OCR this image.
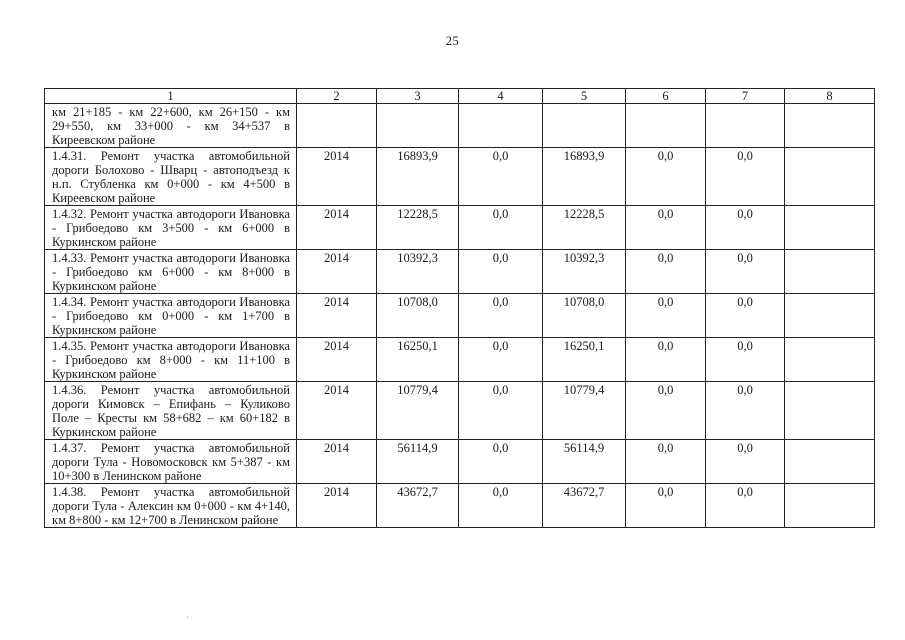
25
1	2	3	4	5	6	7	8
км 21+185 - км 22+600, км 26+150 - км 29+550, км 33+000 - км 34+537 в Киреевском районе							
1.4.31. Ремонт участка автомобильной дороги Болохово - Шварц - автоподъезд к н.п. Стубленка км 0+000 - км 4+500 в Киреевском районе	2014	16893,9	0,0	16893,9	0,0	0,0	
1.4.32. Ремонт участка автодороги Ивановка - Грибоедово км 3+500 - км 6+000 в Куркинском районе	2014	12228,5	0,0	12228,5	0,0	0,0	
1.4.33. Ремонт участка автодороги Ивановка - Грибоедово км 6+000 - км 8+000 в Куркинском районе	2014	10392,3	0,0	10392,3	0,0	0,0	
1.4.34. Ремонт участка автодороги Ивановка - Грибоедово км 0+000 - км 1+700 в Куркинском районе	2014	10708,0	0,0	10708,0	0,0	0,0	
1.4.35. Ремонт участка автодороги Ивановка - Грибоедово км 8+000 - км 11+100 в Куркинском районе	2014	16250,1	0,0	16250,1	0,0	0,0	
1.4.36. Ремонт участка автомобильной дороги Кимовск – Епифань – Куликово Поле – Кресты км 58+682 – км 60+182 в Куркинском районе	2014	10779,4	0,0	10779,4	0,0	0,0	
1.4.37. Ремонт участка автомобильной дороги Тула - Новомосковск км 5+387 - км 10+300 в Ленинском районе	2014	56114,9	0,0	56114,9	0,0	0,0	
1.4.38. Ремонт участка автомобильной дороги Тула - Алексин км 0+000 - км 4+140, км 8+800 - км 12+700 в Ленинском районе	2014	43672,7	0,0	43672,7	0,0	0,0	
·
